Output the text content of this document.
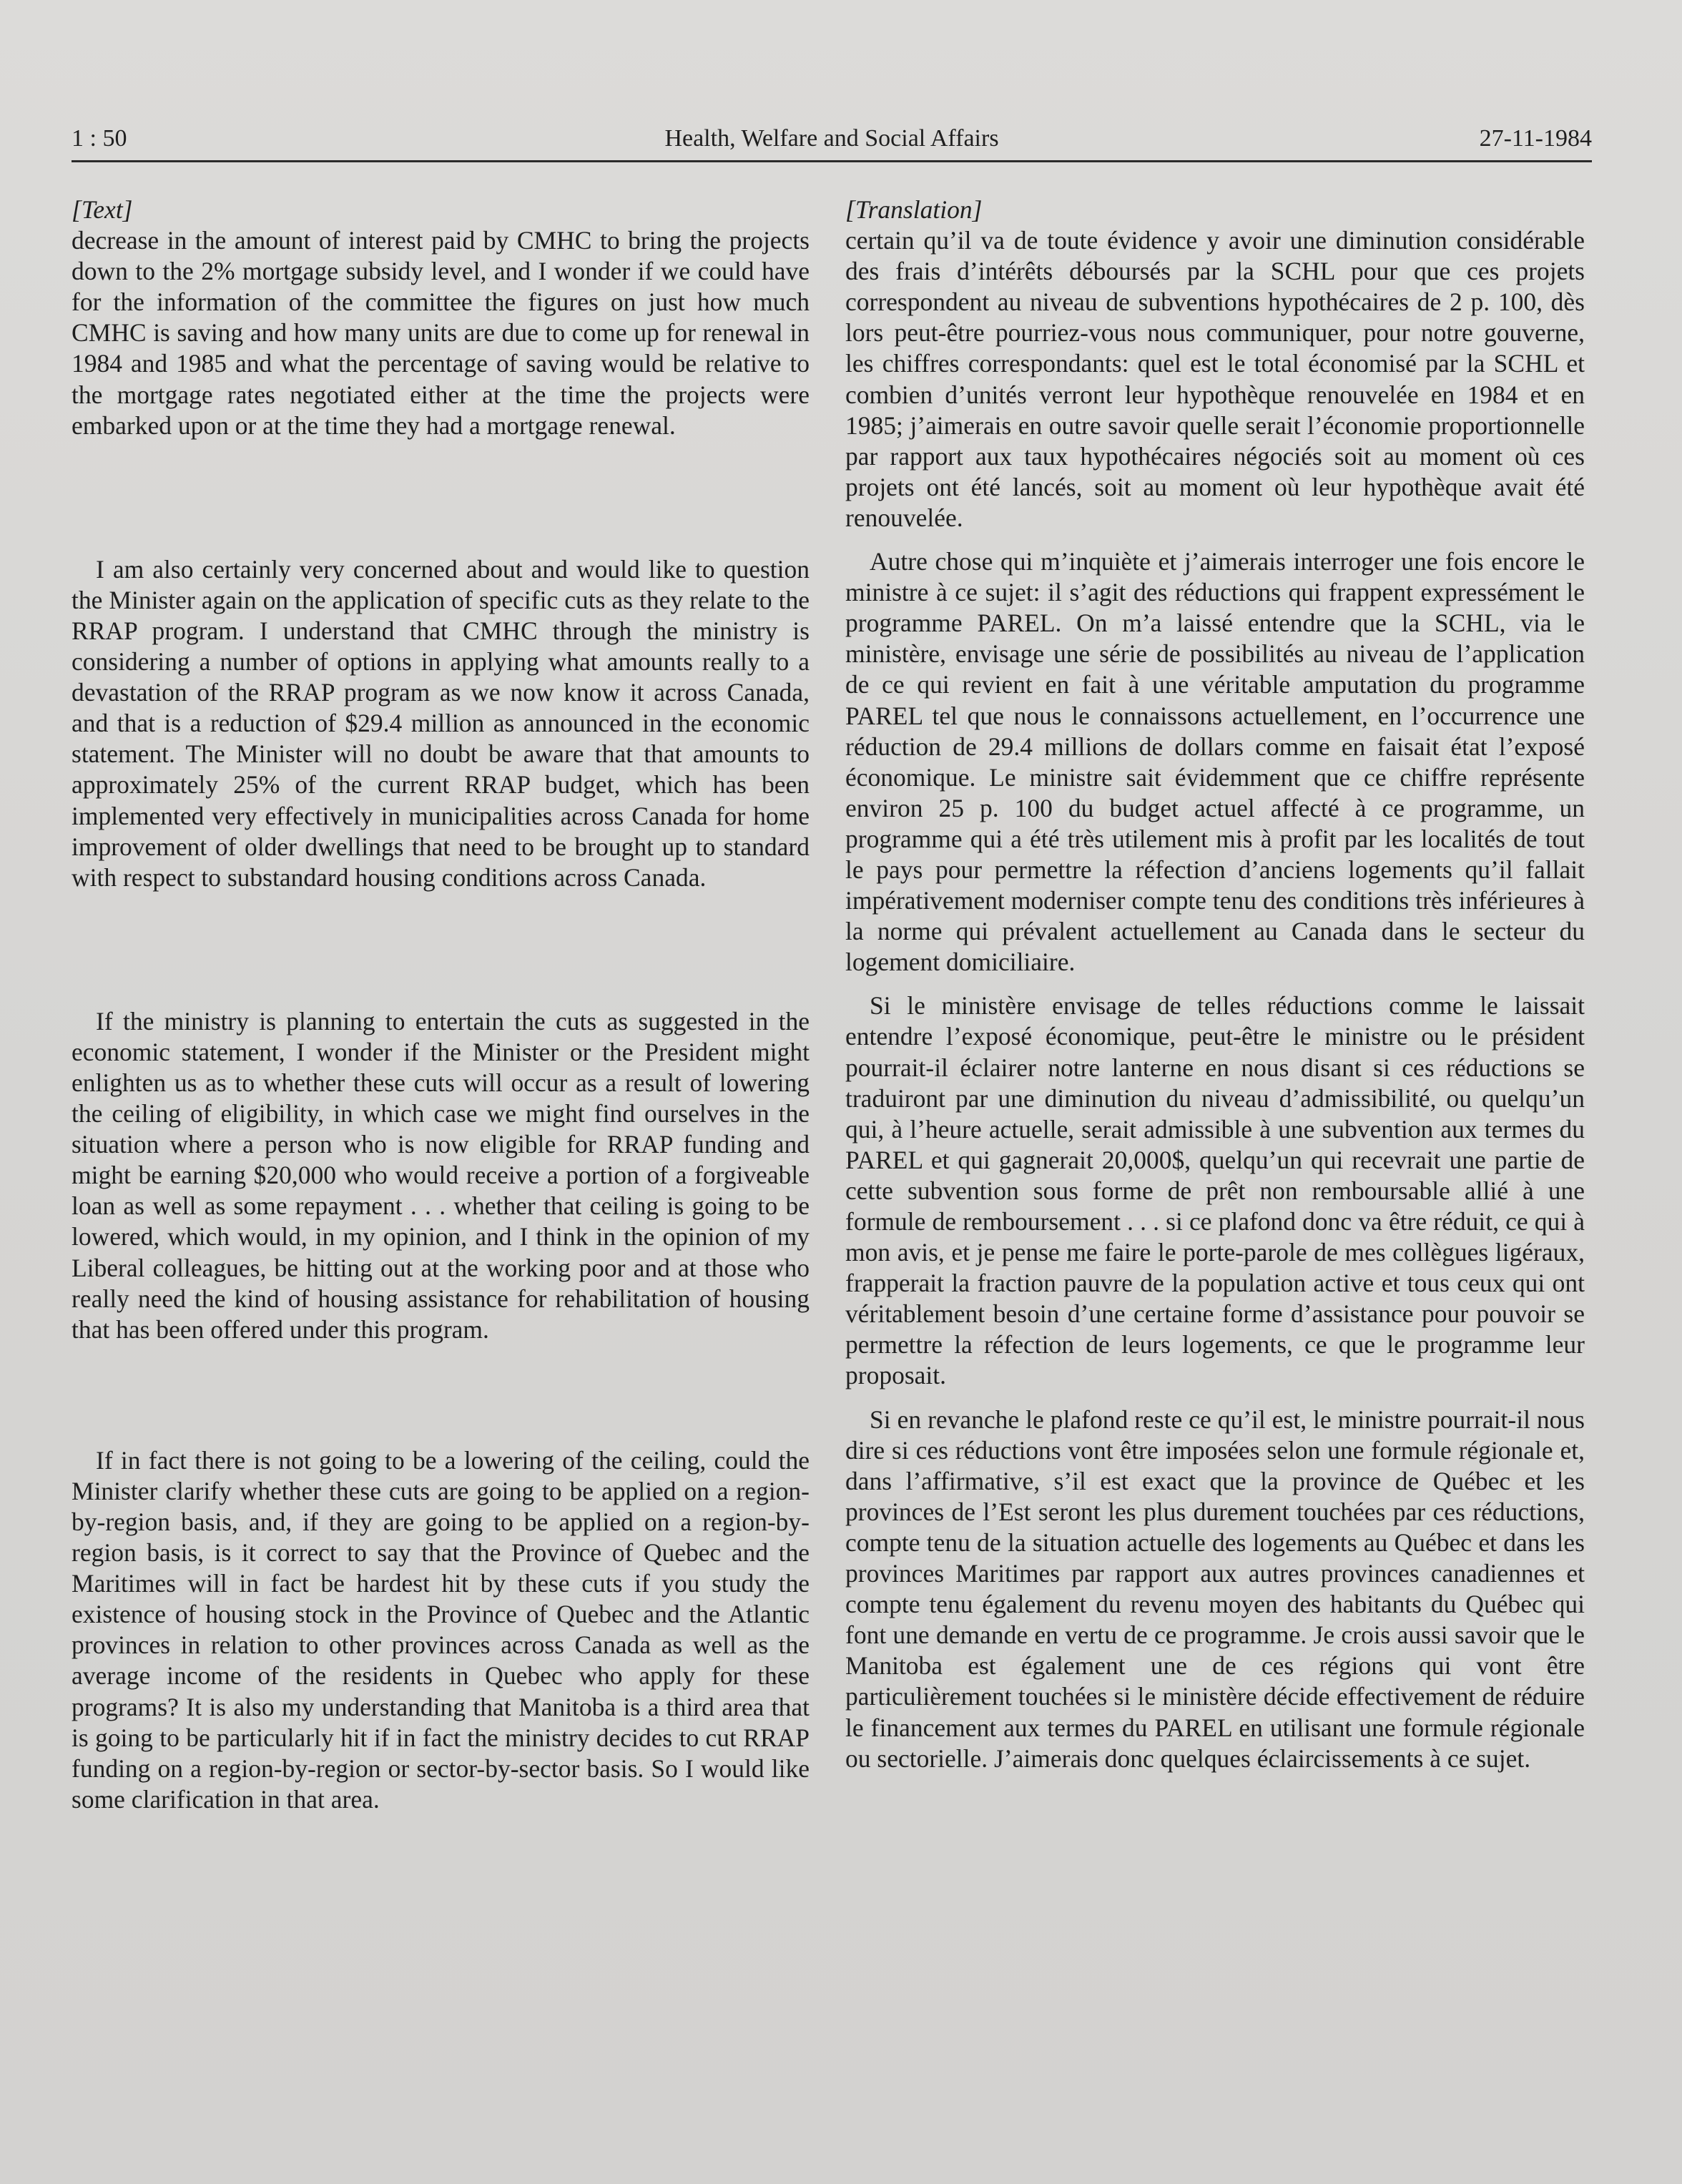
1 : 50	Health, Welfare and Social Affairs	27-11-1984
[Text]

decrease in the amount of interest paid by CMHC to bring the projects down to the 2% mortgage subsidy level, and I wonder if we could have for the information of the committee the figures on just how much CMHC is saving and how many units are due to come up for renewal in 1984 and 1985 and what the percentage of saving would be relative to the mortgage rates negotiated either at the time the projects were embarked upon or at the time they had a mortgage renewal.

I am also certainly very concerned about and would like to question the Minister again on the application of specific cuts as they relate to the RRAP program. I understand that CMHC through the ministry is considering a number of options in applying what amounts really to a devastation of the RRAP program as we now know it across Canada, and that is a reduction of $29.4 million as announced in the economic statement. The Minister will no doubt be aware that that amounts to approximately 25% of the current RRAP budget, which has been implemented very effectively in municipalities across Canada for home improvement of older dwellings that need to be brought up to standard with respect to substandard housing conditions across Canada.

If the ministry is planning to entertain the cuts as suggested in the economic statement, I wonder if the Minister or the President might enlighten us as to whether these cuts will occur as a result of lowering the ceiling of eligibility, in which case we might find ourselves in the situation where a person who is now eligible for RRAP funding and might be earning $20,000 who would receive a portion of a forgiveable loan as well as some repayment . . . whether that ceiling is going to be lowered, which would, in my opinion, and I think in the opinion of my Liberal colleagues, be hitting out at the working poor and at those who really need the kind of housing assistance for rehabilitation of housing that has been offered under this program.

If in fact there is not going to be a lowering of the ceiling, could the Minister clarify whether these cuts are going to be applied on a region-by-region basis, and, if they are going to be applied on a region-by-region basis, is it correct to say that the Province of Quebec and the Maritimes will in fact be hardest hit by these cuts if you study the existence of housing stock in the Province of Quebec and the Atlantic provinces in relation to other provinces across Canada as well as the average income of the residents in Quebec who apply for these programs? It is also my understanding that Manitoba is a third area that is going to be particularly hit if in fact the ministry decides to cut RRAP funding on a region-by-region or sector-by-sector basis. So I would like some clarification in that area.

[Translation]

certain qu’il va de toute évidence y avoir une diminution considérable des frais d’intérêts déboursés par la SCHL pour que ces projets correspondent au niveau de subventions hypothécaires de 2 p. 100, dès lors peut-être pourriez-vous nous communiquer, pour notre gouverne, les chiffres correspondants: quel est le total économisé par la SCHL et combien d’unités verront leur hypothèque renouvelée en 1984 et en 1985; j’aimerais en outre savoir quelle serait l’économie proportionnelle par rapport aux taux hypothécaires négociés soit au moment où ces projets ont été lancés, soit au moment où leur hypothèque avait été renouvelée.

Autre chose qui m’inquiète et j’aimerais interroger une fois encore le ministre à ce sujet: il s’agit des réductions qui frappent expressément le programme PAREL. On m’a laissé entendre que la SCHL, via le ministère, envisage une série de possibilités au niveau de l’application de ce qui revient en fait à une véritable amputation du programme PAREL tel que nous le connaissons actuellement, en l’occurrence une réduction de 29.4 millions de dollars comme en faisait état l’exposé économique. Le ministre sait évidemment que ce chiffre représente environ 25 p. 100 du budget actuel affecté à ce programme, un programme qui a été très utilement mis à profit par les localités de tout le pays pour permettre la réfection d’anciens logements qu’il fallait impérativement moderniser compte tenu des conditions très inférieures à la norme qui prévalent actuellement au Canada dans le secteur du logement domiciliaire.

Si le ministère envisage de telles réductions comme le laissait entendre l’exposé économique, peut-être le ministre ou le président pourrait-il éclairer notre lanterne en nous disant si ces réductions se traduiront par une diminution du niveau d’admissibilité, ou quelqu’un qui, à l’heure actuelle, serait admissible à une subvention aux termes du PAREL et qui gagnerait 20,000$, quelqu’un qui recevrait une partie de cette subvention sous forme de prêt non remboursable allié à une formule de remboursement . . . si ce plafond donc va être réduit, ce qui à mon avis, et je pense me faire le porte-parole de mes collègues ligéraux, frapperait la fraction pauvre de la population active et tous ceux qui ont véritablement besoin d’une certaine forme d’assistance pour pouvoir se permettre la réfection de leurs logements, ce que le programme leur proposait.

Si en revanche le plafond reste ce qu’il est, le ministre pourrait-il nous dire si ces réductions vont être imposées selon une formule régionale et, dans l’affirmative, s’il est exact que la province de Québec et les provinces de l’Est seront les plus durement touchées par ces réductions, compte tenu de la situation actuelle des logements au Québec et dans les provinces Maritimes par rapport aux autres provinces canadiennes et compte tenu également du revenu moyen des habitants du Québec qui font une demande en vertu de ce programme. Je crois aussi savoir que le Manitoba est également une de ces régions qui vont être particulièrement touchées si le ministère décide effectivement de réduire le financement aux termes du PAREL en utilisant une formule régionale ou sectorielle. J’aimerais donc quelques éclaircissements à ce sujet.
